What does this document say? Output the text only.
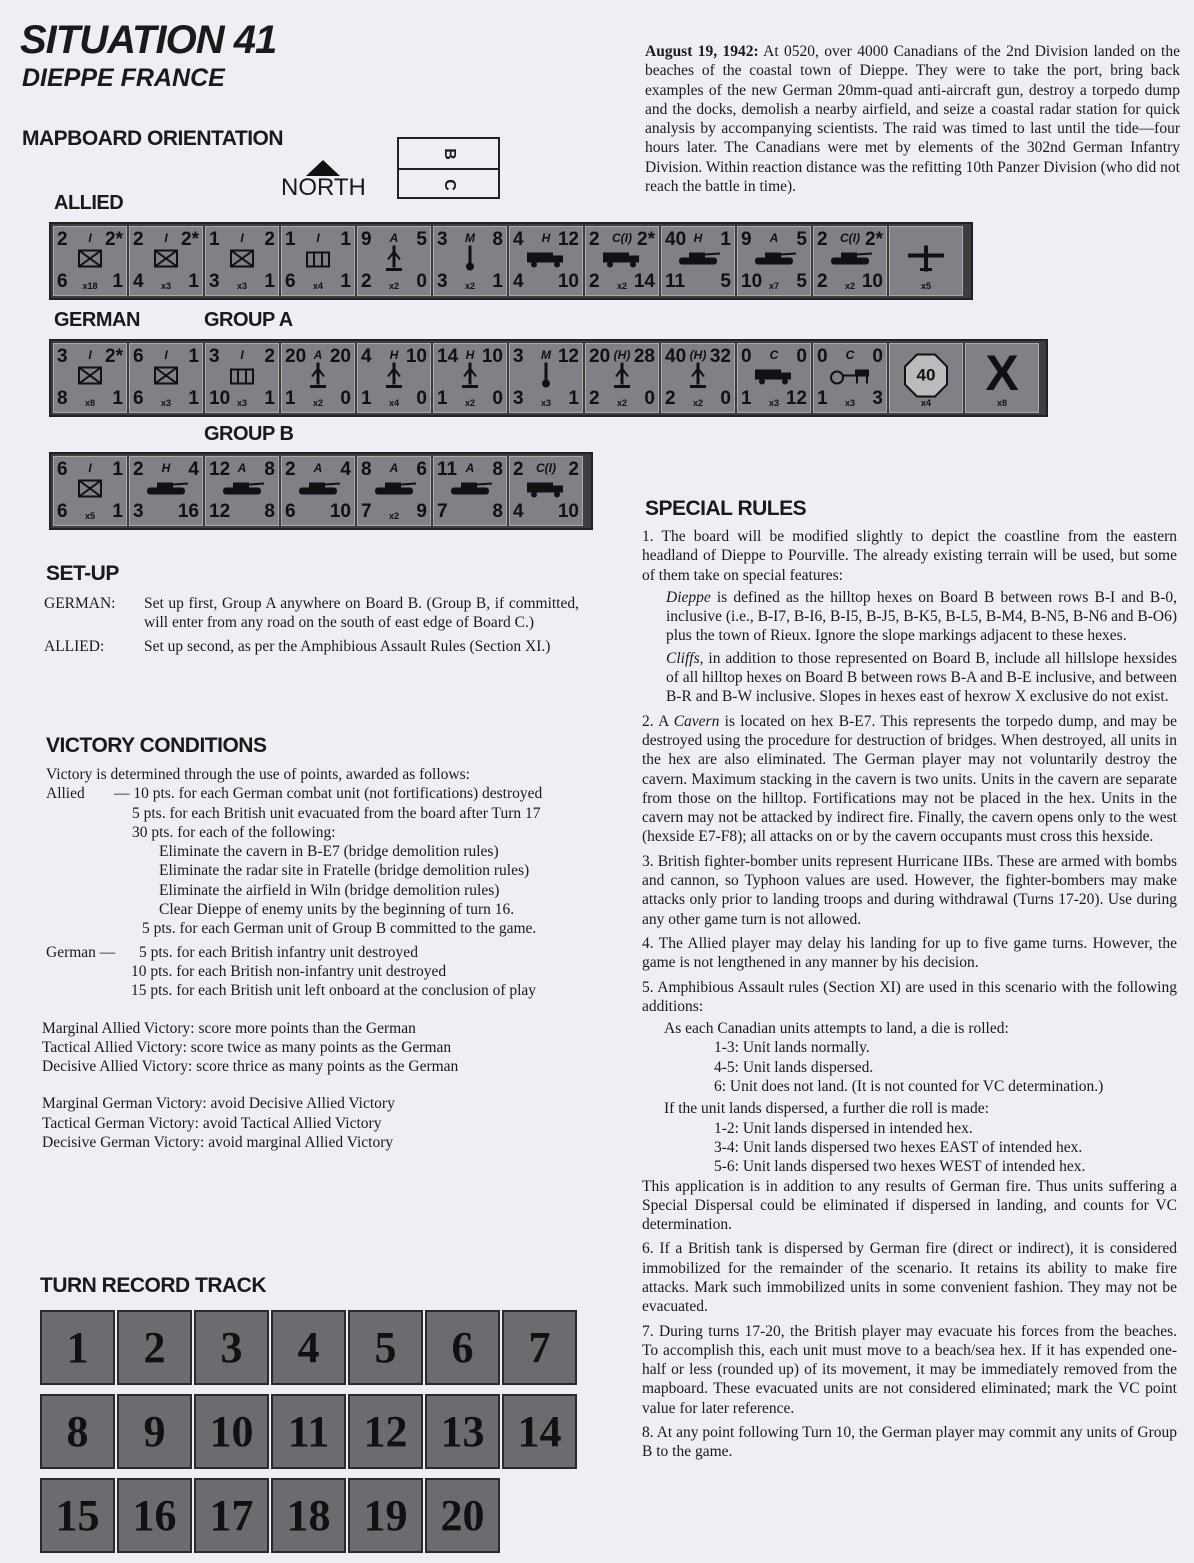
SITUATION 41
DIEPPE FRANCE
August 19, 1942: At 0520, over 4000 Canadians of the 2nd Division landed on the beaches of the coastal town of Dieppe. They were to take the port, bring back examples of the new German 20mm-quad anti-aircraft gun, destroy a torpedo dump and the docks, demolish a nearby airfield, and seize a coastal radar station for quick analysis by accompanying scientists. The raid was timed to last until the tide—four hours later. The Canadians were met by elements of the 302nd German Infantry Division. Within reaction distance was the refitting 10th Panzer Division (who did not reach the battle in time).
MAPBOARD ORIENTATION
NORTH
B
C
ALLIED
GERMAN	GROUP A
GROUP B
2	I 2*
6 1
x18
2	I 2*
4 1
x3
1	I	2
3 1
x3
1	I	1
6 1
x4
9	A 5
2 0
x2
3	M 8
3 1
x2
4	H 12
4 10
2	C(I) 2*
2 14
x2
40 H 1
11 5
9	A 5
10 5
x7
2	C(I) 2*
2 10
x2	x5
3	I 2*
8 1
x8
6	I	1
6 1
x3
3	I	2
10 1
x3
20 A 20
1 0
x2
4	H 10
1 0
x4
14 H 10
1 0
x2
3	M 12
3 1
x3
20 (H) 28
2 0
x2
40 (H) 32
2 0
x2
0	C 0
1 12
x3
0	C 0
1 3
x3	x4
40
x8
X
6	I	1
6 1
x5
2	H 4
3 16
12 A 8
12 8
2	A 4
6 10
8	A 6
7 9
x2
11 A 8
7 8
2	C(I) 2
4 10
SET-UP
GERMAN:	Set up first, Group A anywhere on Board B. (Group B, if committed, will enter from any road on the south of east edge of Board C.)
ALLIED:	Set up second, as per the Amphibious Assault Rules (Section XI.)
VICTORY CONDITIONS

Victory is determined through the use of points, awarded as follows:

Allied	— 10 pts. for each German combat unit (not fortifications) destroyed

5 pts. for each British unit evacuated from the board after Turn 17

30 pts. for each of the following:

Eliminate the cavern in B-E7 (bridge demolition rules)

Eliminate the radar site in Fratelle (bridge demolition rules)

Eliminate the airfield in Wiln (bridge demolition rules)

Clear Dieppe of enemy units by the beginning of turn 16.

5 pts. for each German unit of Group B committed to the game.

German —	5 pts. for each British infantry unit destroyed

10 pts. for each British non-infantry unit destroyed

15 pts. for each British unit left onboard at the conclusion of play

Marginal Allied Victory: score more points than the German

Tactical Allied Victory: score twice as many points as the German

Decisive Allied Victory: score thrice as many points as the German

Marginal German Victory: avoid Decisive Allied Victory

Tactical German Victory: avoid Tactical Allied Victory

Decisive German Victory: avoid marginal Allied Victory

TURN RECORD TRACK
1 2 3 4 5 6 7
8 9 10 11 12 13 14
15 16 17 18 19 20
SPECIAL RULES

1. The board will be modified slightly to depict the coastline from the eastern headland of Dieppe to Pourville. The already existing terrain will be used, but some of them take on special features:

Dieppe is defined as the hilltop hexes on Board B between rows B-I and B-0, inclusive (i.e., B-I7, B-I6, B-I5, B-J5, B-K5, B-L5, B-M4, B-N5, B-N6 and B-O6) plus the town of Rieux. Ignore the slope markings adjacent to these hexes.

Cliffs, in addition to those represented on Board B, include all hillslope hexsides of all hilltop hexes on Board B between rows B-A and B-E inclusive, and between B-R and B-W inclusive. Slopes in hexes east of hexrow X exclusive do not exist.

2. A Cavern is located on hex B-E7. This represents the torpedo dump, and may be destroyed using the procedure for destruction of bridges. When destroyed, all units in the hex are also eliminated. The German player may not voluntarily destroy the cavern. Maximum stacking in the cavern is two units. Units in the cavern are separate from those on the hilltop. Fortifications may not be placed in the hex. Units in the cavern may not be attacked by indirect fire. Finally, the cavern opens only to the west (hexside E7-F8); all attacks on or by the cavern occupants must cross this hexside.

3. British fighter-bomber units represent Hurricane IIBs. These are armed with bombs and cannon, so Typhoon values are used. However, the fighter-bombers may make attacks only prior to landing troops and during withdrawal (Turns 17-20). Use during any other game turn is not allowed.

4. The Allied player may delay his landing for up to five game turns. However, the game is not lengthened in any manner by his decision.

5. Amphibious Assault rules (Section XI) are used in this scenario with the following additions:

As each Canadian units attempts to land, a die is rolled:

1-3: Unit lands normally.

4-5: Unit lands dispersed.

6: Unit does not land. (It is not counted for VC determination.)

If the unit lands dispersed, a further die roll is made:

1-2: Unit lands dispersed in intended hex.

3-4: Unit lands dispersed two hexes EAST of intended hex.

5-6: Unit lands dispersed two hexes WEST of intended hex.

This application is in addition to any results of German fire. Thus units suffering a Special Dispersal could be eliminated if dispersed in landing, and counts for VC determination.

6. If a British tank is dispersed by German fire (direct or indirect), it is considered immobilized for the remainder of the scenario. It retains its ability to make fire attacks. Mark such immobilized units in some convenient fashion. They may not be evacuated.

7. During turns 17-20, the British player may evacuate his forces from the beaches. To accomplish this, each unit must move to a beach/sea hex. If it has expended one-half or less (rounded up) of its movement, it may be immediately removed from the mapboard. These evacuated units are not considered eliminated; mark the VC point value for later reference.

8. At any point following Turn 10, the German player may commit any units of Group B to the game.
